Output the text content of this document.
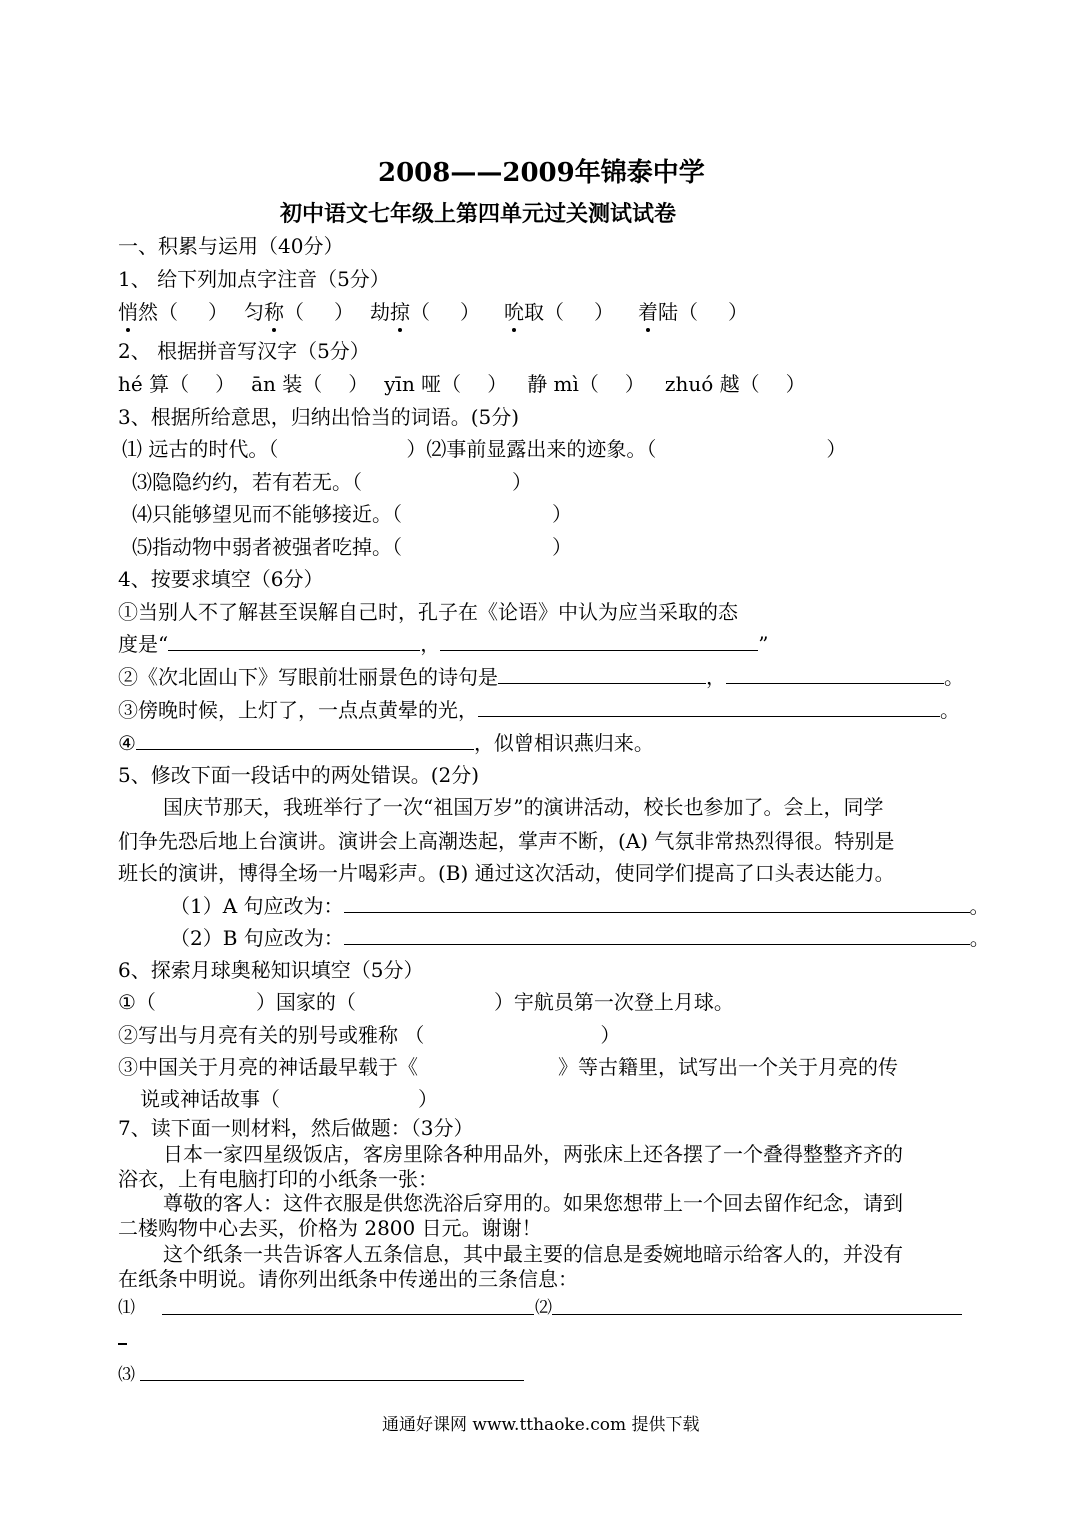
2008——2009年锦泰中学
初中语文七年级上第四单元过关测试试卷
一、积累与运用（40分）
1、 给下列加点字注音（5分）
悄然（ ） 匀称（ ） 劫掠（ ） 吮取（ ） 着陆（ ）
2、 根据拼音写汉字（5分）
hé 算（ ） ān 装（ ） yīn 哑（ ） 静 mì（ ） zhuó 越（ ）
3、根据所给意思，归纳出恰当的词语。(5分)
⑴ 远古的时代。（	）⑵事前显露出来的迹象。（	）
⑶隐隐约约，若有若无。（	）
⑷只能够望见而不能够接近。（	）
⑸指动物中弱者被强者吃掉。（	）
4、按要求填空（6分）
①当别人不了解甚至误解自己时，孔子在《论语》中认为应当采取的态
度是“	，	”
②《次北固山下》写眼前壮丽景色的诗句是	，	。
③傍晚时候，上灯了，一点点黄晕的光，	。
④	，似曾相识燕归来。
5、修改下面一段话中的两处错误。(2分)
国庆节那天，我班举行了一次“祖国万岁”的演讲活动，校长也参加了。会上，同学
们争先恐后地上台演讲。演讲会上高潮迭起，掌声不断，(A) 气氛非常热烈得很。特别是
班长的演讲，博得全场一片喝彩声。(B) 通过这次活动，使同学们提高了口头表达能力。
（1）A 句应改为：	。
（2）B 句应改为：	。
6、探索月球奥秘知识填空（5分）
①（	）国家的（	）宇航员第一次登上月球。
②写出与月亮有关的别号或雅称 （	）
③中国关于月亮的神话最早载于《	》等古籍里，试写出一个关于月亮的传
说或神话故事（	）
7、读下面一则材料，然后做题：（3分）
日本一家四星级饭店，客房里除各种用品外，两张床上还各摆了一个叠得整整齐齐的
浴衣，上有电脑打印的小纸条一张：
尊敬的客人：这件衣服是供您洗浴后穿用的。如果您想带上一个回去留作纪念，请到
二楼购物中心去买，价格为 2800 日元。谢谢！
这个纸条一共告诉客人五条信息，其中最主要的信息是委婉地暗示给客人的，并没有
在纸条中明说。请你列出纸条中传递出的三条信息：
⑴	⑵
⑶
通通好课网 www.tthaoke.com 提供下载
